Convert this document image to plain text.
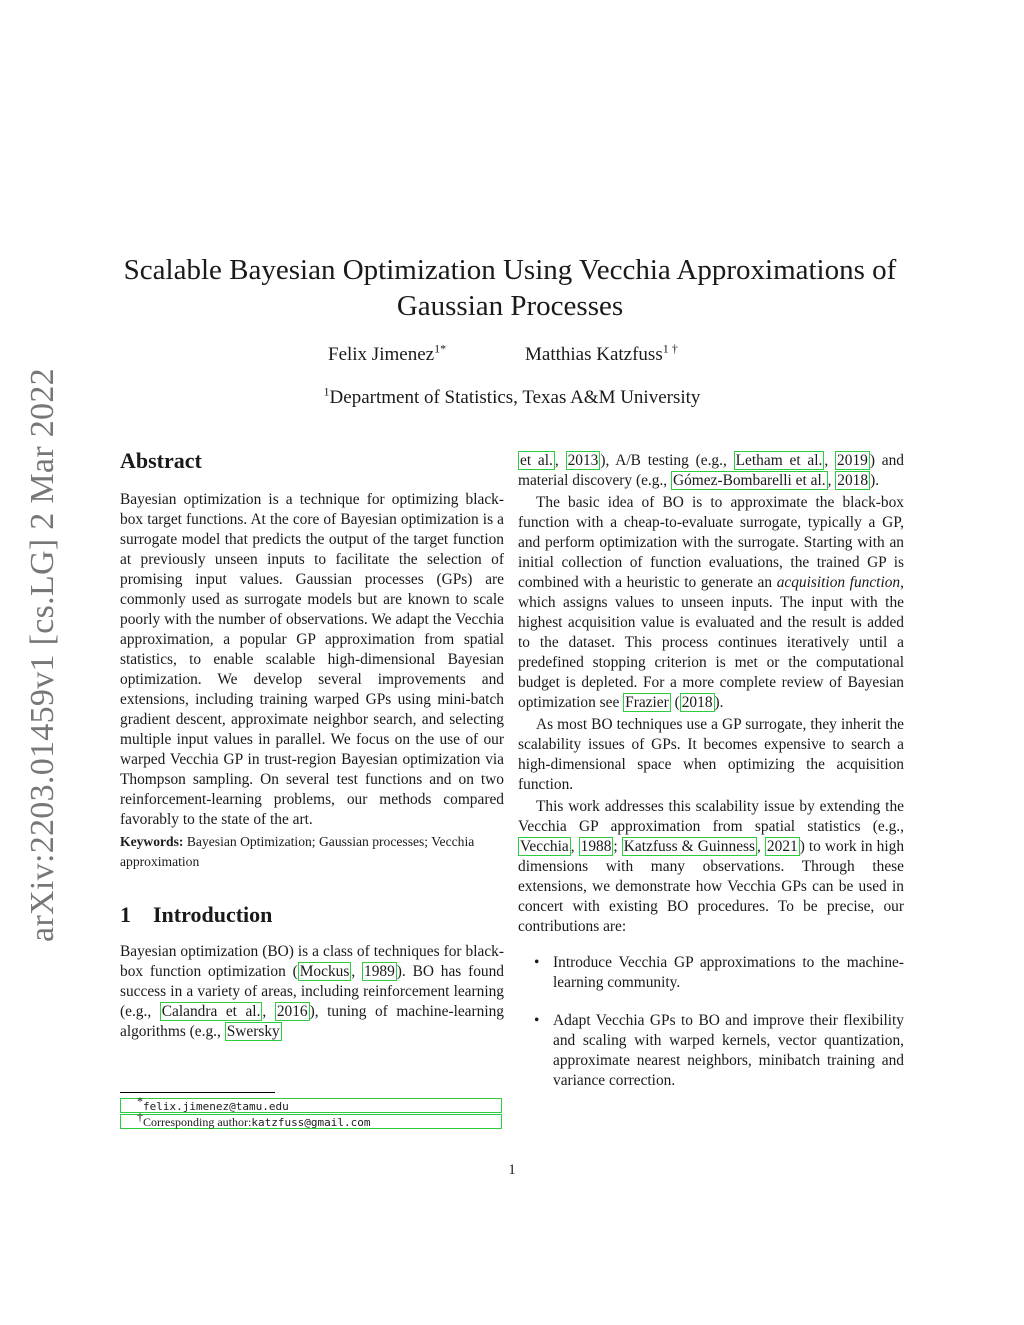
arXiv:2203.01459v1 [cs.LG] 2 Mar 2022
Scalable Bayesian Optimization Using Vecchia Approximations of Gaussian Processes
Felix Jimenez$^{1*}$	Matthias Katzfuss$^{1 \dagger}$
$^1$Department of Statistics, Texas A&M University
Abstract

Bayesian optimization is a technique for optimizing black-box target functions. At the core of Bayesian optimization is a surrogate model that predicts the output of the target function at previously unseen inputs to facilitate the selection of promising input values. Gaussian processes (GPs) are commonly used as surrogate models but are known to scale poorly with the number of observations. We adapt the Vecchia approximation, a popular GP approximation from spatial statistics, to enable scalable high-dimensional Bayesian optimization. We develop several improvements and extensions, including training warped GPs using mini-batch gradient descent, approximate neighbor search, and selecting multiple input values in parallel. We focus on the use of our warped Vecchia GP in trust-region Bayesian optimization via Thompson sampling. On several test functions and on two reinforcement-learning problems, our methods compared favorably to the state of the art.

Keywords: Bayesian Optimization; Gaussian processes; Vecchia approximation

1 Introduction

Bayesian optimization (BO) is a class of techniques for black-box function optimization ( Mockus , 1989 ). BO has found success in a variety of areas, including reinforcement learning (e.g., Calandra et al. , 2016 ), tuning of machine-learning algorithms (e.g., Swersky

*felix.jimenez@tamu.edu
†Corresponding author:katzfuss@gmail.com

et al. , 2013 ), A/B testing (e.g., Letham et al. , 2019 ) and material discovery (e.g., Gómez-Bombarelli et al. , 2018 ).

The basic idea of BO is to approximate the black-box function with a cheap-to-evaluate surrogate, typically a GP, and perform optimization with the surrogate. Starting with an initial collection of function evaluations, the trained GP is combined with a heuristic to generate an acquisition function, which assigns values to unseen inputs. The input with the highest acquisition value is evaluated and the result is added to the dataset. This process continues iteratively until a predefined stopping criterion is met or the computational budget is depleted. For a more complete review of Bayesian optimization see Frazier ( 2018 ).

As most BO techniques use a GP surrogate, they inherit the scalability issues of GPs. It becomes expensive to search a high-dimensional space when optimizing the acquisition function.

This work addresses this scalability issue by extending the Vecchia GP approximation from spatial statistics (e.g., Vecchia , 1988 ; Katzfuss & Guinness , 2021 ) to work in high dimensions with many observations. Through these extensions, we demonstrate how Vecchia GPs can be used in concert with existing BO procedures. To be precise, our contributions are:

• Introduce Vecchia GP approximations to the machine-learning community.
• Adapt Vecchia GPs to BO and improve their flexibility and scaling with warped kernels, vector quantization, approximate nearest neighbors, minibatch training and variance correction.
1
